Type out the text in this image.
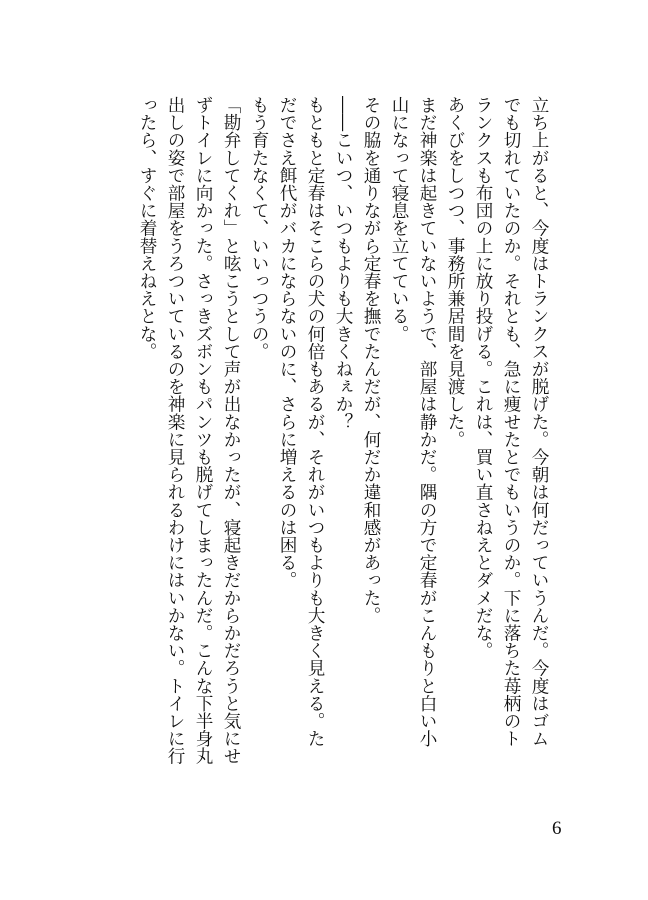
立ち上がると、今度はトランクスが脱げた。今朝は何だっていうんだ。今度はゴム
でも切れていたのか。それとも、急に痩せたとでもいうのか。下に落ちた苺柄のト
ランクスも布団の上に放り投げる。これは、買い直さねえとダメだな。
あくびをしつつ、事務所兼居間を見渡した。
まだ神楽は起きていないようで、部屋は静かだ。隅の方で定春がこんもりと白い小
山になって寝息を立てている。
その脇を通りながら定春を撫でたんだが、何だか違和感があった。
――こいつ、いつもよりも大きくねぇか？
もともと定春はそこらの犬の何倍もあるが、それがいつもよりも大きく見える。た
だでさえ餌代がバカにならないのに、さらに増えるのは困る。
もう育たなくて、いいっつうの。
「勘弁してくれ」と呟こうとして声が出なかったが、寝起きだからかだろうと気にせ
ずトイレに向かった。さっきズボンもパンツも脱げてしまったんだ。こんな下半身丸
出しの姿で部屋をうろついているのを神楽に見られるわけにはいかない。トイレに行
ったら、すぐに着替えねえとな。
6
